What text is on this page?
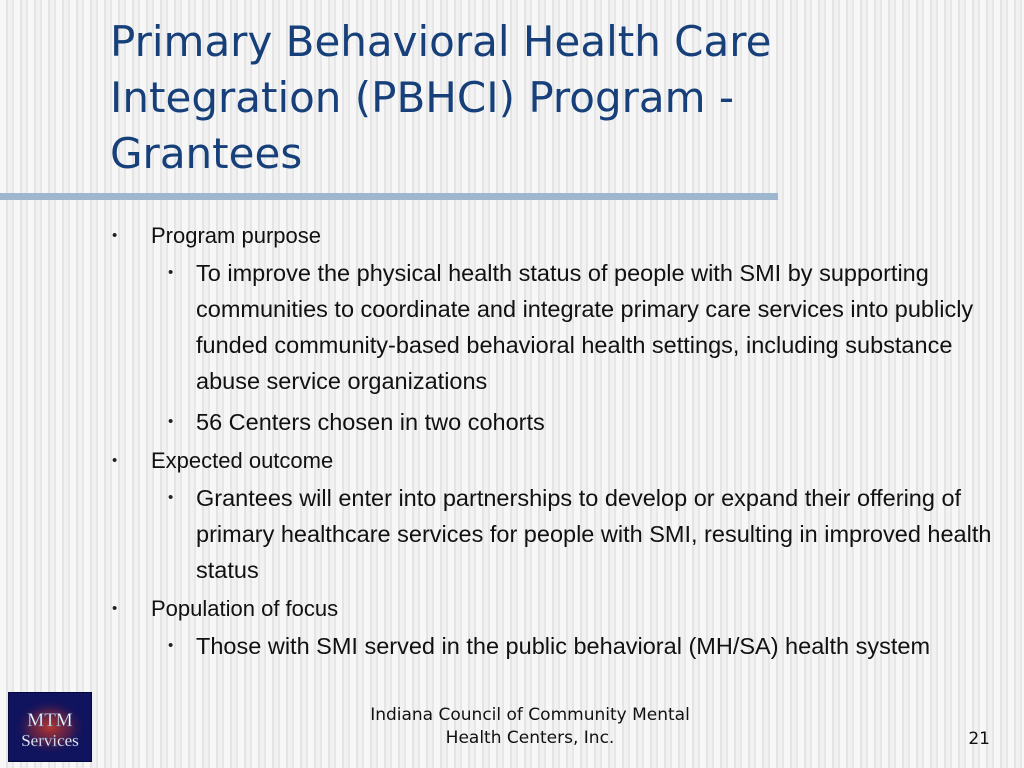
Primary Behavioral Health Care
Integration (PBHCI) Program -
Grantees
• Program purpose
• To improve the physical health status of people with SMI by supporting communities to coordinate and integrate primary care services into publicly funded community-based behavioral health settings, including substance abuse service organizations
• 56 Centers chosen in two cohorts
• Expected outcome
• Grantees will enter into partnerships to develop or expand their offering of primary healthcare services for people with SMI, resulting in improved health status
• Population of focus
• Those with SMI served in the public behavioral (MH/SA) health system
MTM
Services
Indiana Council of Community Mental
Health Centers, Inc.	21
